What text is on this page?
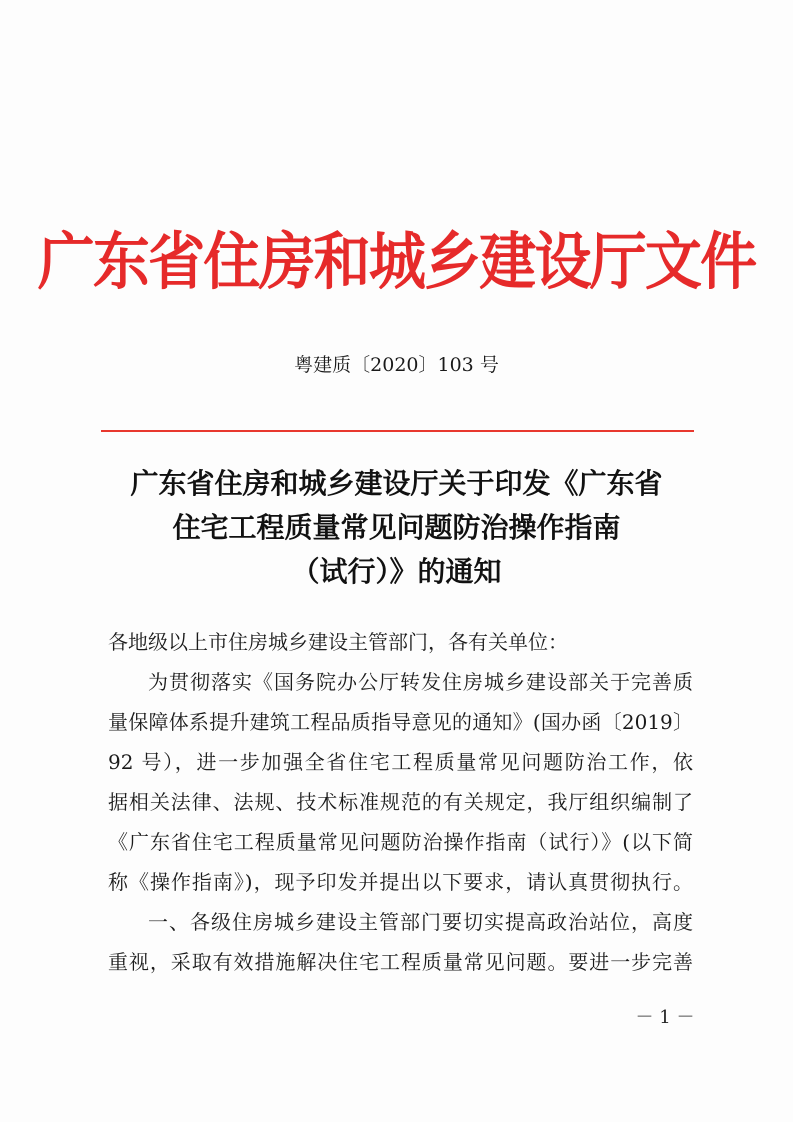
广东省住房和城乡建设厅文件
粤建质〔2020〕103 号
广东省住房和城乡建设厅关于印发《广东省
住宅工程质量常见问题防治操作指南
（试行）》的通知
各地级以上市住房城乡建设主管部门，各有关单位：
为贯彻落实《国务院办公厅转发住房城乡建设部关于完善质
量保障体系提升建筑工程品质指导意见的通知》(国办函〔2019〕
92 号），进一步加强全省住宅工程质量常见问题防治工作，依
据相关法律、法规、技术标准规范的有关规定，我厅组织编制了
《广东省住宅工程质量常见问题防治操作指南（试行）》(以下简
称《操作指南》)，现予印发并提出以下要求，请认真贯彻执行。
一、各级住房城乡建设主管部门要切实提高政治站位，高度
重视，采取有效措施解决住宅工程质量常见问题。要进一步完善
－ 1 －
